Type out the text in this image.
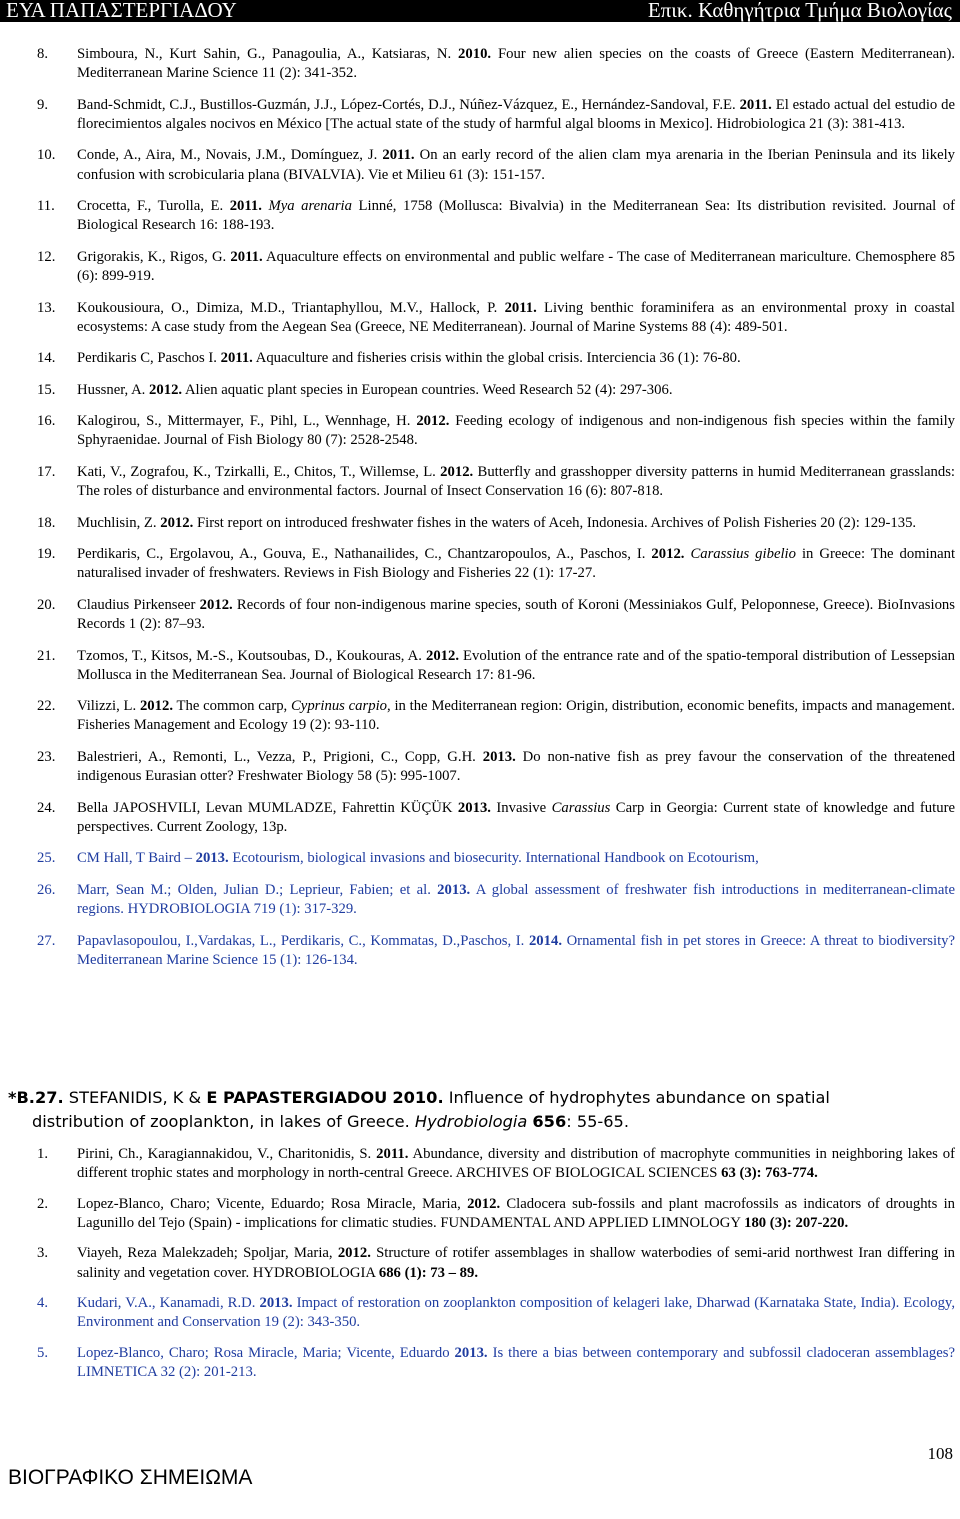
ΕΥΑ ΠΑΠΑΣΤΕΡΓΙΑΔΟΥ	Επικ. Καθηγήτρια Τμήμα Βιολογίας
8. Simboura, N., Kurt Sahin, G., Panagoulia, A., Katsiaras, N. 2010. Four new alien species on the coasts of Greece (Eastern Mediterranean). Mediterranean Marine Science 11 (2): 341-352.
9. Band-Schmidt, C.J., Bustillos-Guzmán, J.J., López-Cortés, D.J., Núñez-Vázquez, E., Hernández-Sandoval, F.E. 2011. El estado actual del estudio de florecimientos algales nocivos en México [The actual state of the study of harmful algal blooms in Mexico]. Hidrobiologica 21 (3): 381-413.
10. Conde, A., Aira, M., Novais, J.M., Domínguez, J. 2011. On an early record of the alien clam mya arenaria in the Iberian Peninsula and its likely confusion with scrobicularia plana (BIVALVIA). Vie et Milieu 61 (3): 151-157.
11. Crocetta, F., Turolla, E. 2011. Mya arenaria Linné, 1758 (Mollusca: Bivalvia) in the Mediterranean Sea: Its distribution revisited. Journal of Biological Research 16: 188-193.
12. Grigorakis, K., Rigos, G. 2011. Aquaculture effects on environmental and public welfare - The case of Mediterranean mariculture. Chemosphere 85 (6): 899-919.
13. Koukousioura, O., Dimiza, M.D., Triantaphyllou, M.V., Hallock, P. 2011. Living benthic foraminifera as an environmental proxy in coastal ecosystems: A case study from the Aegean Sea (Greece, NE Mediterranean). Journal of Marine Systems 88 (4): 489-501.
14. Perdikaris C, Paschos I. 2011. Aquaculture and fisheries crisis within the global crisis. Interciencia 36 (1): 76-80.
15. Hussner, A. 2012. Alien aquatic plant species in European countries. Weed Research 52 (4): 297-306.
16. Kalogirou, S., Mittermayer, F., Pihl, L., Wennhage, H. 2012. Feeding ecology of indigenous and non-indigenous fish species within the family Sphyraenidae. Journal of Fish Biology 80 (7): 2528-2548.
17. Kati, V., Zografou, K., Tzirkalli, E., Chitos, T., Willemse, L. 2012. Butterfly and grasshopper diversity patterns in humid Mediterranean grasslands: The roles of disturbance and environmental factors. Journal of Insect Conservation 16 (6): 807-818.
18. Muchlisin, Z. 2012. First report on introduced freshwater fishes in the waters of Aceh, Indonesia. Archives of Polish Fisheries 20 (2): 129-135.
19. Perdikaris, C., Ergolavou, A., Gouva, E., Nathanailides, C., Chantzaropoulos, A., Paschos, I. 2012. Carassius gibelio in Greece: The dominant naturalised invader of freshwaters. Reviews in Fish Biology and Fisheries 22 (1): 17-27.
20. Claudius Pirkenseer 2012. Records of four non-indigenous marine species, south of Koroni (Messiniakos Gulf, Peloponnese, Greece). BioInvasions Records 1 (2): 87–93.
21. Tzomos, T., Kitsos, M.-S., Koutsoubas, D., Koukouras, A. 2012. Evolution of the entrance rate and of the spatio-temporal distribution of Lessepsian Mollusca in the Mediterranean Sea. Journal of Biological Research 17: 81-96.
22. Vilizzi, L. 2012. The common carp, Cyprinus carpio, in the Mediterranean region: Origin, distribution, economic benefits, impacts and management. Fisheries Management and Ecology 19 (2): 93-110.
23. Balestrieri, A., Remonti, L., Vezza, P., Prigioni, C., Copp, G.H. 2013. Do non-native fish as prey favour the conservation of the threatened indigenous Eurasian otter? Freshwater Biology 58 (5): 995-1007.
24. Bella JAPOSHVILI, Levan MUMLADZE, Fahrettin KÜÇÜK 2013. Invasive Carassius Carp in Georgia: Current state of knowledge and future perspectives. Current Zoology, 13p.
25. CM Hall, T Baird – 2013. Ecotourism, biological invasions and biosecurity. International Handbook on Ecotourism,
26. Marr, Sean M.; Olden, Julian D.; Leprieur, Fabien; et al. 2013. A global assessment of freshwater fish introductions in mediterranean-climate regions. HYDROBIOLOGIA 719 (1): 317-329.
27. Papavlasopoulou, I.,Vardakas, L., Perdikaris, C., Kommatas, D.,Paschos, I. 2014. Ornamental fish in pet stores in Greece: A threat to biodiversity? Mediterranean Marine Science 15 (1): 126-134.
*B.27. STEFANIDIS, K & E PAPASTERGIADOU 2010. Influence of hydrophytes abundance on spatial
distribution of zooplankton, in lakes of Greece. Hydrobiologia 656: 55-65.
1. Pirini, Ch., Karagiannakidou, V., Charitonidis, S. 2011. Abundance, diversity and distribution of macrophyte communities in neighboring lakes of different trophic states and morphology in north-central Greece. ARCHIVES OF BIOLOGICAL SCIENCES 63 (3): 763-774.
2. Lopez-Blanco, Charo; Vicente, Eduardo; Rosa Miracle, Maria, 2012. Cladocera sub-fossils and plant macrofossils as indicators of droughts in Lagunillo del Tejo (Spain) - implications for climatic studies. FUNDAMENTAL AND APPLIED LIMNOLOGY 180 (3): 207-220.
3. Viayeh, Reza Malekzadeh; Spoljar, Maria, 2012. Structure of rotifer assemblages in shallow waterbodies of semi-arid northwest Iran differing in salinity and vegetation cover. HYDROBIOLOGIA 686 (1): 73 – 89.
4. Kudari, V.A., Kanamadi, R.D. 2013. Impact of restoration on zooplankton composition of kelageri lake, Dharwad (Karnataka State, India). Ecology, Environment and Conservation 19 (2): 343-350.
5. Lopez-Blanco, Charo; Rosa Miracle, Maria; Vicente, Eduardo 2013. Is there a bias between contemporary and subfossil cladoceran assemblages? LIMNETICA 32 (2): 201-213.
108
ΒΙΟΓΡΑΦΙΚΟ ΣΗΜΕΙΩΜΑ
